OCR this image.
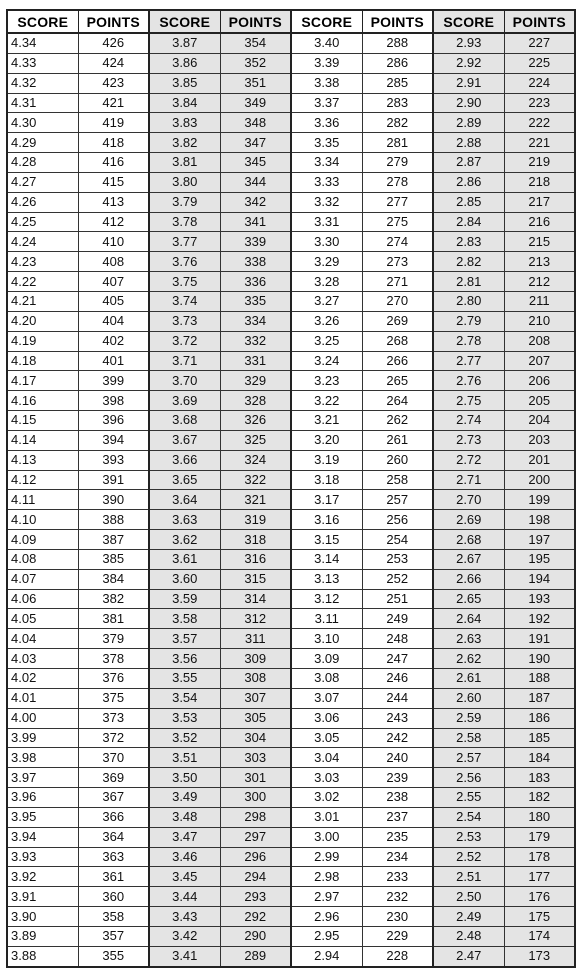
SCORE	POINTS	SCORE	POINTS	SCORE	POINTS	SCORE	POINTS
4.34	426	3.87	354	3.40	288	2.93	227
4.33	424	3.86	352	3.39	286	2.92	225
4.32	423	3.85	351	3.38	285	2.91	224
4.31	421	3.84	349	3.37	283	2.90	223
4.30	419	3.83	348	3.36	282	2.89	222
4.29	418	3.82	347	3.35	281	2.88	221
4.28	416	3.81	345	3.34	279	2.87	219
4.27	415	3.80	344	3.33	278	2.86	218
4.26	413	3.79	342	3.32	277	2.85	217
4.25	412	3.78	341	3.31	275	2.84	216
4.24	410	3.77	339	3.30	274	2.83	215
4.23	408	3.76	338	3.29	273	2.82	213
4.22	407	3.75	336	3.28	271	2.81	212
4.21	405	3.74	335	3.27	270	2.80	211
4.20	404	3.73	334	3.26	269	2.79	210
4.19	402	3.72	332	3.25	268	2.78	208
4.18	401	3.71	331	3.24	266	2.77	207
4.17	399	3.70	329	3.23	265	2.76	206
4.16	398	3.69	328	3.22	264	2.75	205
4.15	396	3.68	326	3.21	262	2.74	204
4.14	394	3.67	325	3.20	261	2.73	203
4.13	393	3.66	324	3.19	260	2.72	201
4.12	391	3.65	322	3.18	258	2.71	200
4.11	390	3.64	321	3.17	257	2.70	199
4.10	388	3.63	319	3.16	256	2.69	198
4.09	387	3.62	318	3.15	254	2.68	197
4.08	385	3.61	316	3.14	253	2.67	195
4.07	384	3.60	315	3.13	252	2.66	194
4.06	382	3.59	314	3.12	251	2.65	193
4.05	381	3.58	312	3.11	249	2.64	192
4.04	379	3.57	311	3.10	248	2.63	191
4.03	378	3.56	309	3.09	247	2.62	190
4.02	376	3.55	308	3.08	246	2.61	188
4.01	375	3.54	307	3.07	244	2.60	187
4.00	373	3.53	305	3.06	243	2.59	186
3.99	372	3.52	304	3.05	242	2.58	185
3.98	370	3.51	303	3.04	240	2.57	184
3.97	369	3.50	301	3.03	239	2.56	183
3.96	367	3.49	300	3.02	238	2.55	182
3.95	366	3.48	298	3.01	237	2.54	180
3.94	364	3.47	297	3.00	235	2.53	179
3.93	363	3.46	296	2.99	234	2.52	178
3.92	361	3.45	294	2.98	233	2.51	177
3.91	360	3.44	293	2.97	232	2.50	176
3.90	358	3.43	292	2.96	230	2.49	175
3.89	357	3.42	290	2.95	229	2.48	174
3.88	355	3.41	289	2.94	228	2.47	173
